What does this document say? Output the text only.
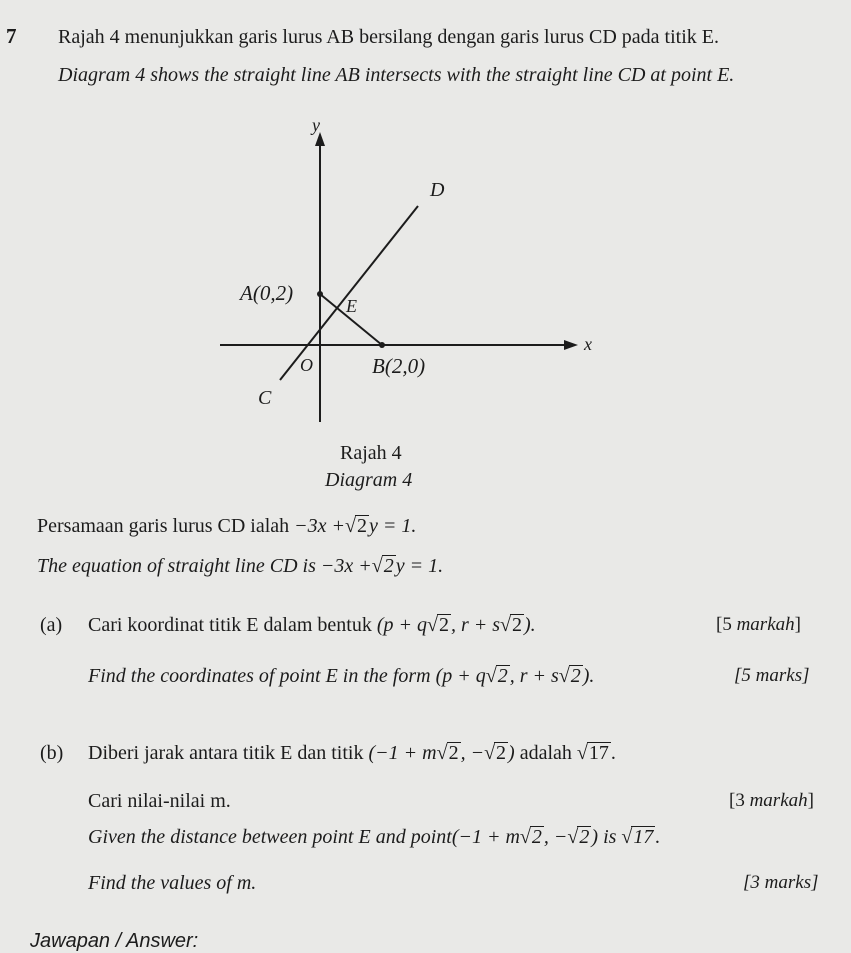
7 Rajah 4 menunjukkan garis lurus AB bersilang dengan garis lurus CD pada titik E.
Diagram 4 shows the straight line AB intersects with the straight line CD at point E.
y
x
O
D
E
C
A(0,2)
B(2,0)
Rajah 4
Diagram 4
Persamaan garis lurus CD ialah −3x +√2 y = 1.
The equation of straight line CD is −3x +√2 y = 1.
(a) Cari koordinat titik E dalam bentuk (p + q√2 , r + s√2 ).	[5 markah]
Find the coordinates of point E in the form (p + q√2 , r + s√2 ).	[5 marks]
(b) Diberi jarak antara titik E dan titik (−1 + m√2 , −√2 ) adalah √17 .
Cari nilai-nilai m.	[3 markah]
Given the distance between point E and point(−1 + m√2 , −√2 ) is √17 .
Find the values of m.	[3 marks]
Jawapan / Answer:
